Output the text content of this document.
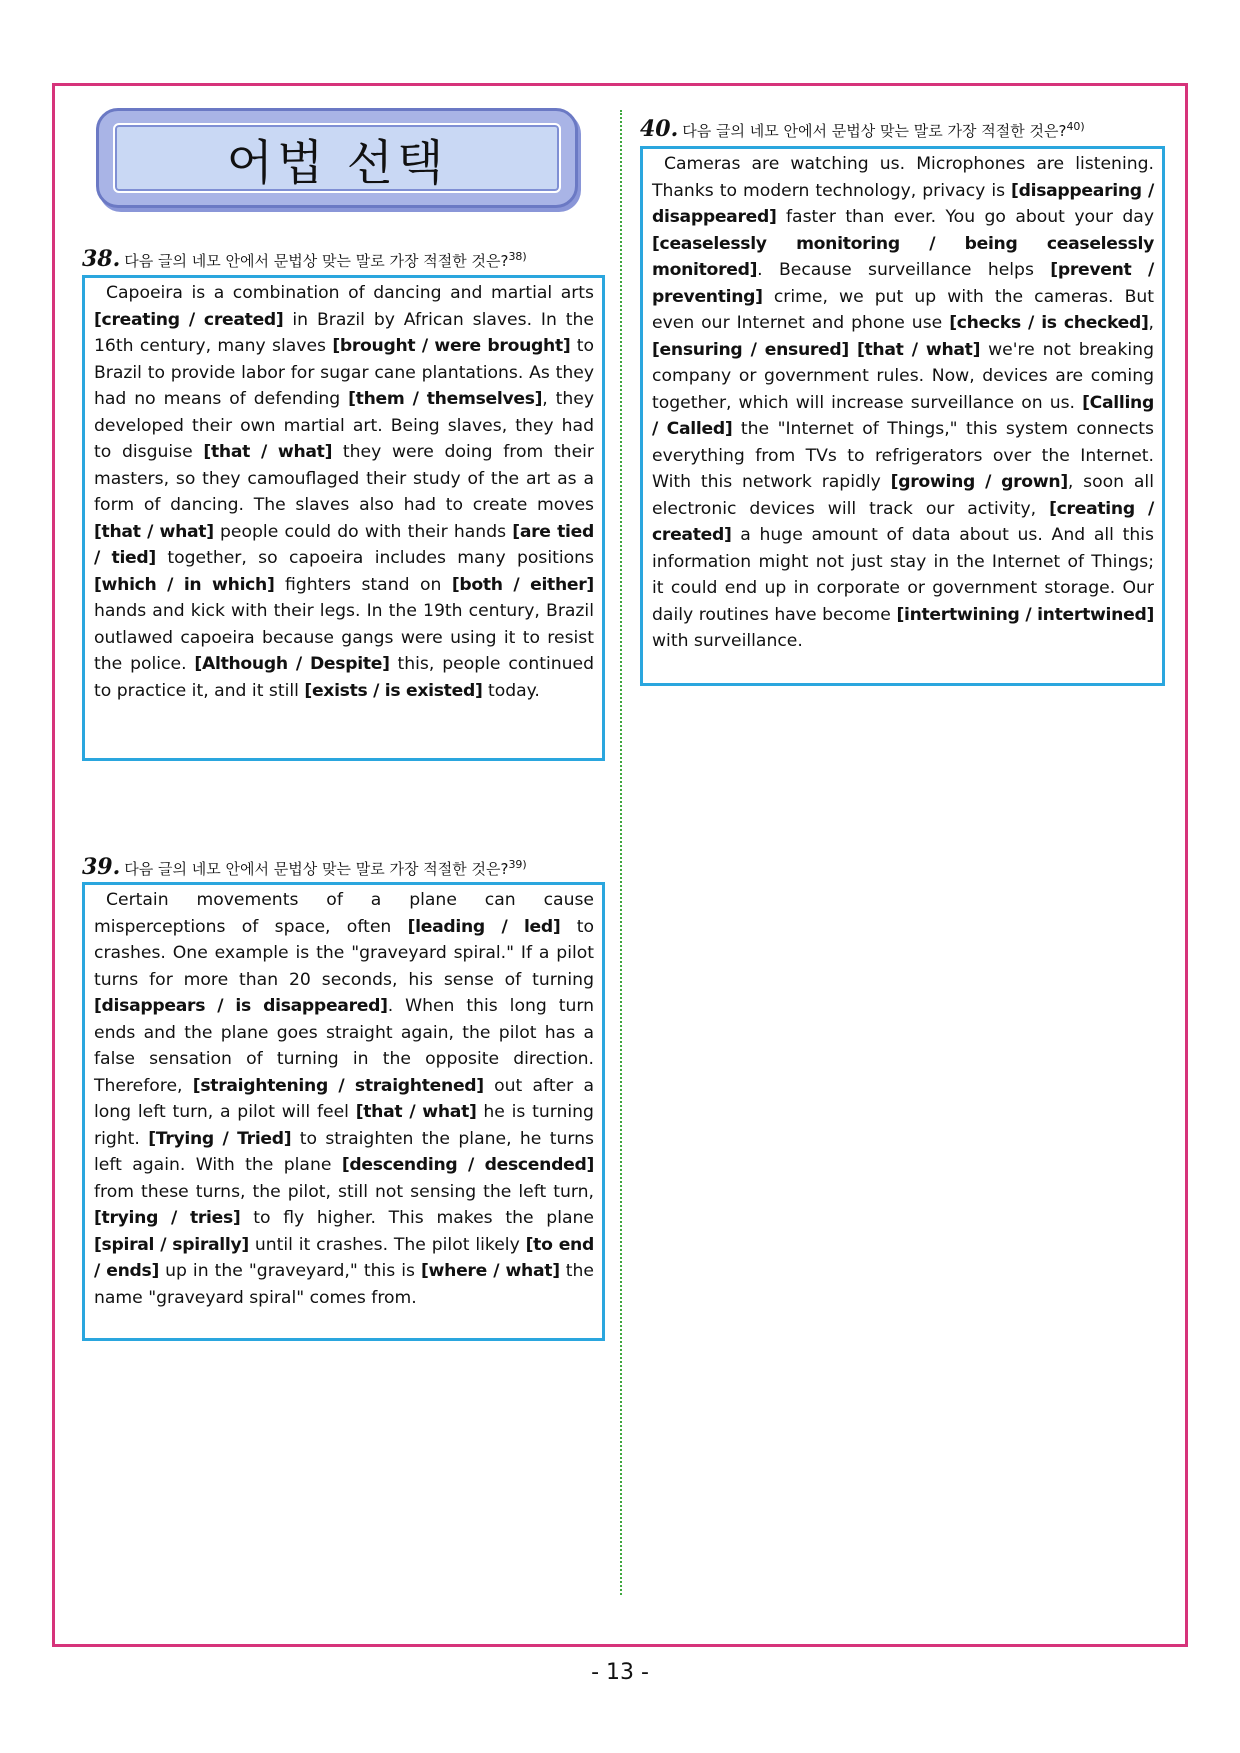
어법 선택
38. 다음 글의 네모 안에서 문법상 맞는 말로 가장 적절한 것은?$^{38)}$
Capoeira is a combination of dancing and martial arts [creating / created] in Brazil by African slaves. In the 16th century, many slaves [brought / were brought] to Brazil to provide labor for sugar cane plantations. As they had no means of defending [them / themselves], they developed their own martial art. Being slaves, they had to disguise [that / what] they were doing from their masters, so they camouflaged their study of the art as a form of dancing. The slaves also had to create moves [that / what] people could do with their hands [are tied / tied] together, so capoeira includes many positions [which / in which] fighters stand on [both / either] hands and kick with their legs. In the 19th century, Brazil outlawed capoeira because gangs were using it to resist the police. [Although / Despite] this, people continued to practice it, and it still [exists / is existed] today.
39. 다음 글의 네모 안에서 문법상 맞는 말로 가장 적절한 것은?$^{39)}$
Certain movements of a plane can cause misperceptions of space, often [leading / led] to crashes. One example is the "graveyard spiral." If a pilot turns for more than 20 seconds, his sense of turning [disappears / is disappeared]. When this long turn ends and the plane goes straight again, the pilot has a false sensation of turning in the opposite direction. Therefore, [straightening / straightened] out after a long left turn, a pilot will feel [that / what] he is turning right. [Trying / Tried] to straighten the plane, he turns left again. With the plane [descending / descended] from these turns, the pilot, still not sensing the left turn, [trying / tries] to fly higher. This makes the plane [spiral / spirally] until it crashes. The pilot likely [to end / ends] up in the "graveyard," this is [where / what] the name "graveyard spiral" comes from.
40. 다음 글의 네모 안에서 문법상 맞는 말로 가장 적절한 것은?$^{40)}$
Cameras are watching us. Microphones are listening. Thanks to modern technology, privacy is [disappearing / disappeared] faster than ever. You go about your day [ceaselessly monitoring / being ceaselessly monitored]. Because surveillance helps [prevent / preventing] crime, we put up with the cameras. But even our Internet and phone use [checks / is checked], [ensuring / ensured] [that / what] we're not breaking company or government rules. Now, devices are coming together, which will increase surveillance on us. [Calling / Called] the "Internet of Things," this system connects everything from TVs to refrigerators over the Internet. With this network rapidly [growing / grown], soon all electronic devices will track our activity, [creating / created] a huge amount of data about us. And all this information might not just stay in the Internet of Things; it could end up in corporate or government storage. Our daily routines have become [intertwining / intertwined] with surveillance.
- 13 -
